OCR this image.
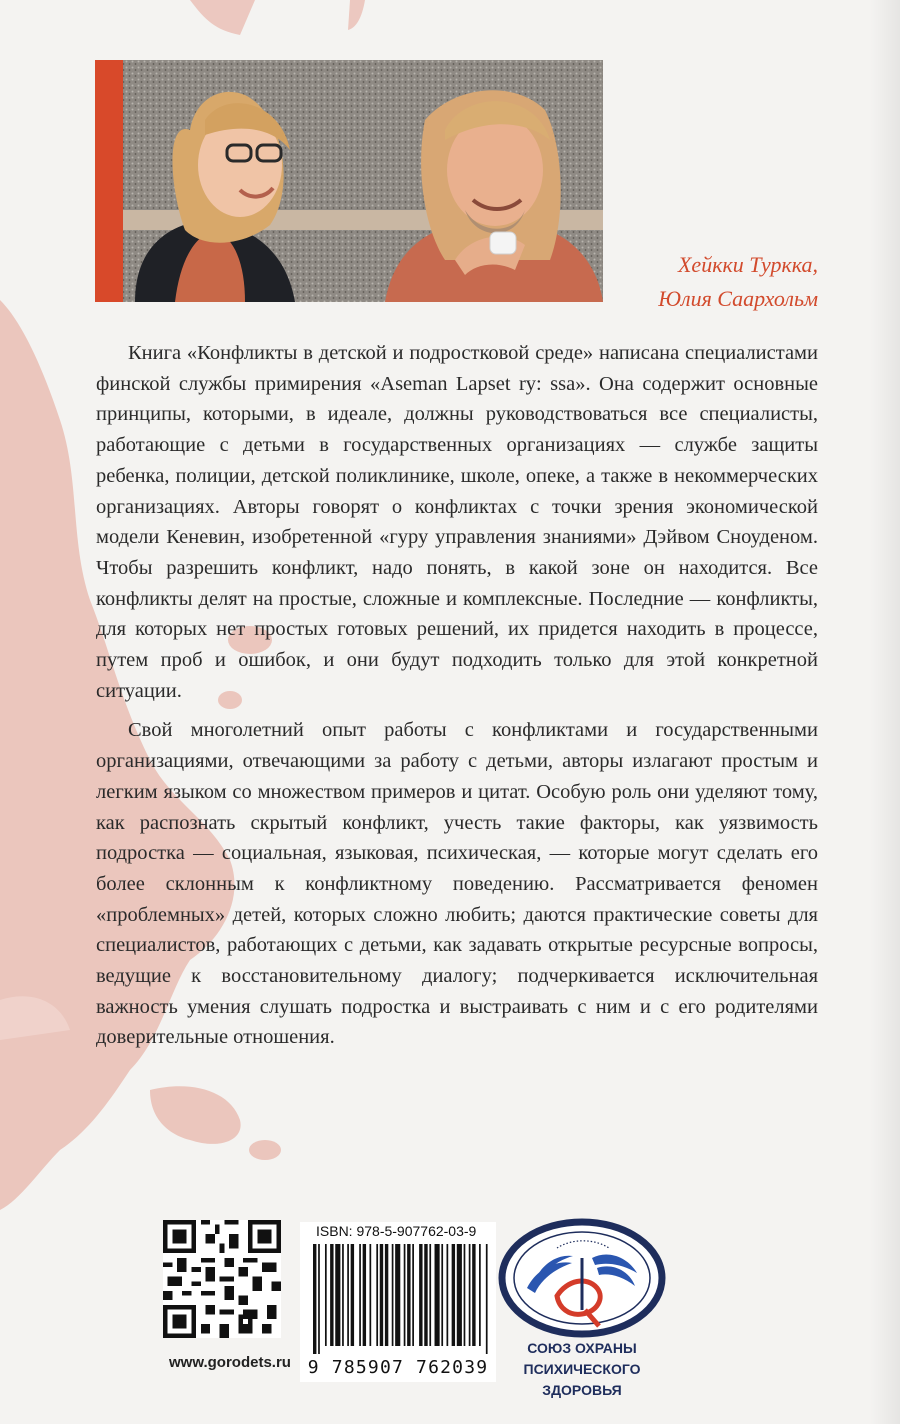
Хейкки Туркка,
Юлия Саархольм

Книга «Конфликты в детской и подростковой среде» написана специалистами финской службы примирения «Aseman Lapset ry: ssa». Она содержит основные принципы, которыми, в идеале, должны руководствоваться все специалисты, работающие с детьми в государственных организациях — службе защиты ребенка, полиции, детской поликлинике, школе, опеке, а также в некоммерческих организациях. Авторы говорят о конфликтах с точки зрения экономической модели Кеневин, изобретенной «гуру управления знаниями» Дэйвом Сноуденом. Чтобы разрешить конфликт, надо понять, в какой зоне он находится. Все конфликты делят на простые, сложные и комплексные. Последние — конфликты, для которых нет простых готовых решений, их придется находить в процессе, путем проб и ошибок, и они будут подходить только для этой конкретной ситуации.

Свой многолетний опыт работы с конфликтами и государственными организациями, отвечающими за работу с детьми, авторы излагают простым и легким языком со множеством примеров и цитат. Особую роль они уделяют тому, как распознать скрытый конфликт, учесть такие факторы, как уязвимость подростка — социальная, языковая, психическая, — которые могут сделать его более склонным к конфликтному поведению. Рассматривается феномен «проблемных» детей, которых сложно любить; даются практические советы для специалистов, работающих с детьми, как задавать открытые ресурсные вопросы, ведущие к восстановительному диалогу; подчеркивается исключительная важность умения слушать подростка и выстраивать с ним и с его родителями доверительные отношения.

www.gorodets.ru
ISBN: 978-5-907762-03-9
9 785907 762039
СОЮЗ ОХРАНЫ
ПСИХИЧЕСКОГО ЗДОРОВЬЯ
